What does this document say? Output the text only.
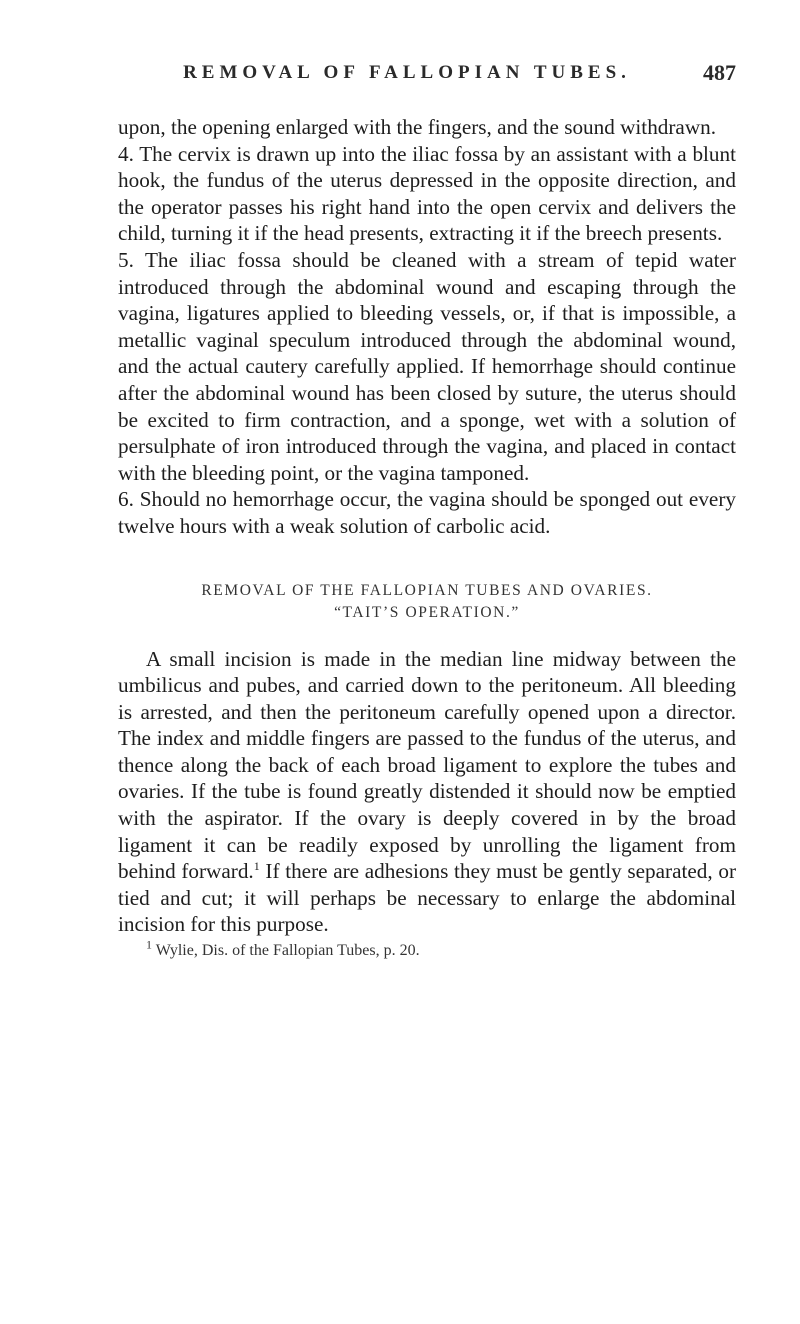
REMOVAL OF FALLOPIAN TUBES.	487

upon, the opening enlarged with the fingers, and the sound withdrawn.

4. The cervix is drawn up into the iliac fossa by an assistant with a blunt hook, the fundus of the uterus depressed in the opposite direction, and the operator passes his right hand into the open cervix and delivers the child, turning it if the head presents, extracting it if the breech presents.

5. The iliac fossa should be cleaned with a stream of tepid water introduced through the abdominal wound and escaping through the vagina, ligatures applied to bleeding vessels, or, if that is impossible, a metallic vaginal speculum introduced through the abdominal wound, and the actual cautery carefully applied. If hemorrhage should continue after the abdominal wound has been closed by suture, the uterus should be excited to firm contraction, and a sponge, wet with a solution of persulphate of iron introduced through the vagina, and placed in contact with the bleeding point, or the vagina tamponed.

6. Should no hemorrhage occur, the vagina should be sponged out every twelve hours with a weak solution of carbolic acid.

REMOVAL OF THE FALLOPIAN TUBES AND OVARIES.
“TAIT’S OPERATION.”

A small incision is made in the median line midway between the umbilicus and pubes, and carried down to the peritoneum. All bleeding is arrested, and then the peritoneum carefully opened upon a director. The index and middle fingers are passed to the fundus of the uterus, and thence along the back of each broad ligament to explore the tubes and ovaries. If the tube is found greatly distended it should now be emptied with the aspirator. If the ovary is deeply covered in by the broad ligament it can be readily exposed by unrolling the ligament from behind forward.$^1$ If there are adhesions they must be gently separated, or tied and cut; it will perhaps be necessary to enlarge the abdominal incision for this purpose.

$^1$ Wylie, Dis. of the Fallopian Tubes, p. 20.
